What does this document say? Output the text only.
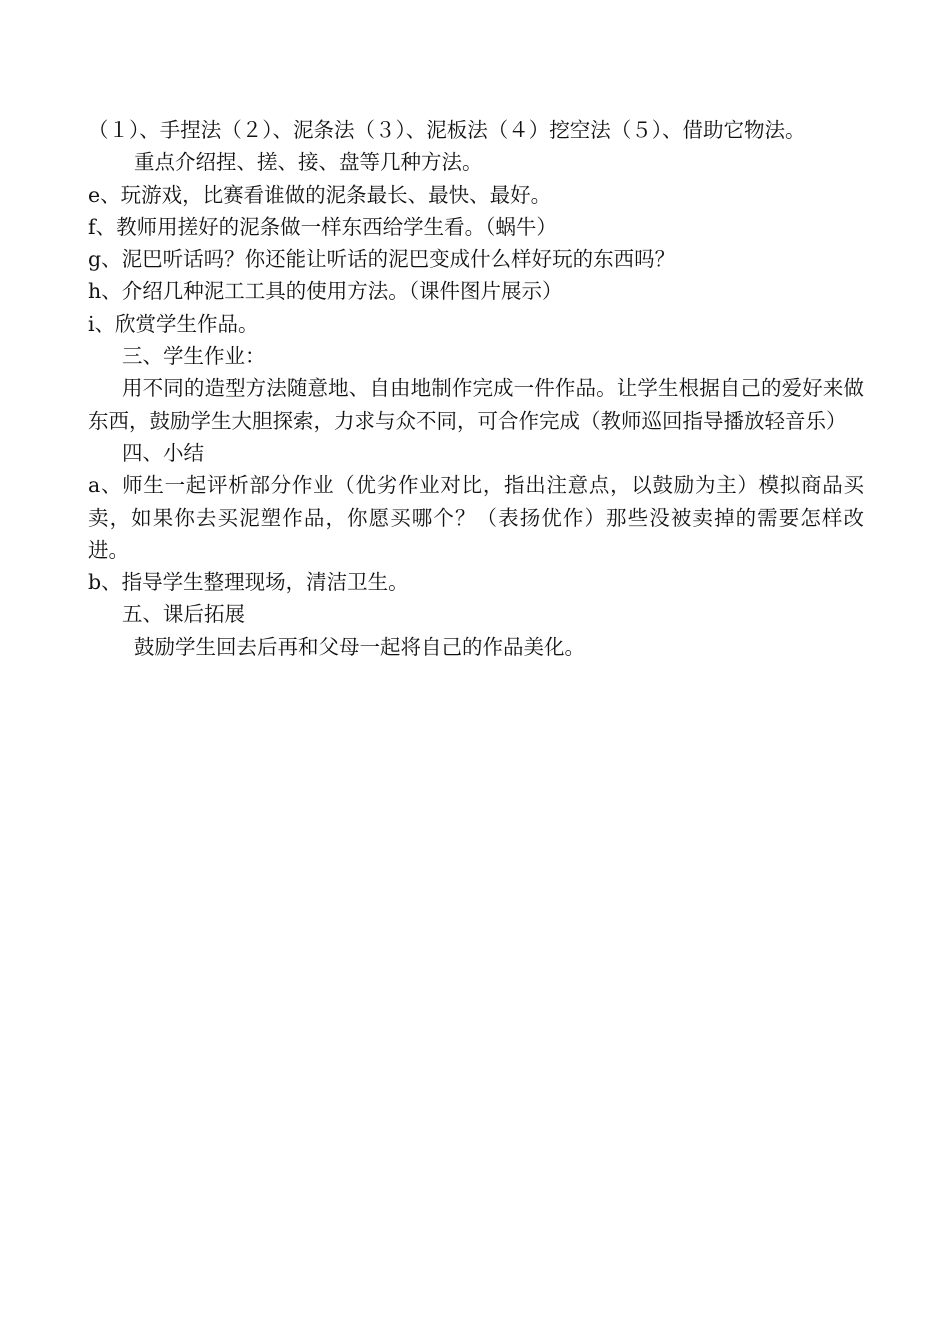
（１）、手捏法（２）、泥条法（３）、泥板法（４）挖空法（５）、借助它物法。

重点介绍捏、搓、接、盘等几种方法。

e、玩游戏，比赛看谁做的泥条最长、最快、最好。

f、教师用搓好的泥条做一样东西给学生看。（蜗牛）

g、泥巴听话吗？你还能让听话的泥巴变成什么样好玩的东西吗？

h、介绍几种泥工工具的使用方法。（课件图片展示）

i、欣赏学生作品。

三、学生作业：

用不同的造型方法随意地、自由地制作完成一件作品。让学生根据自己的爱好来做东西，鼓励学生大胆探索，力求与众不同，可合作完成（教师巡回指导播放轻音乐）

四、小结

a、师生一起评析部分作业（优劣作业对比，指出注意点，以鼓励为主）模拟商品买卖，如果你去买泥塑作品，你愿买哪个？（表扬优作）那些没被卖掉的需要怎样改进。

b、指导学生整理现场，清洁卫生。

五、课后拓展

鼓励学生回去后再和父母一起将自己的作品美化。
